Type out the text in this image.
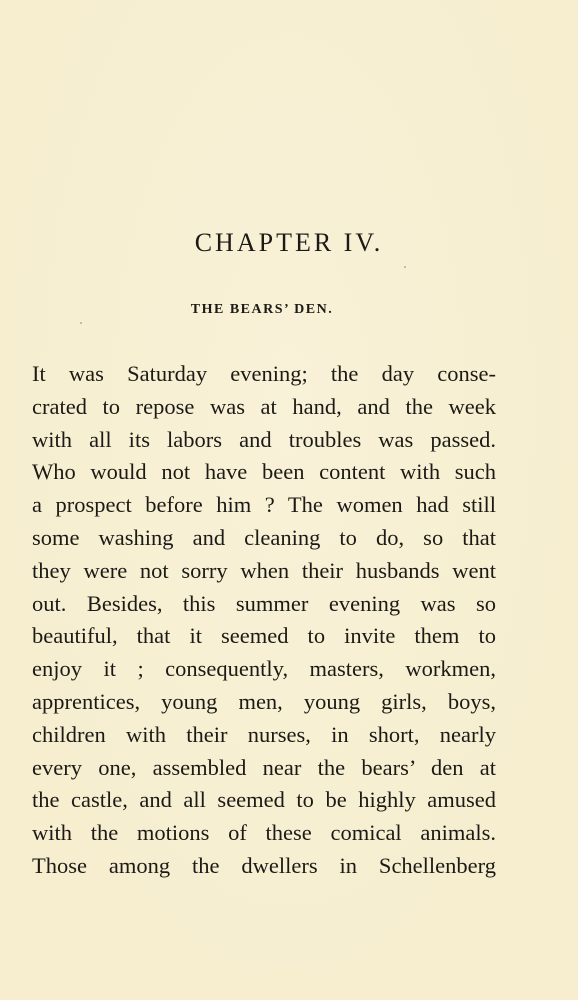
CHAPTER IV.
THE BEARS’ DEN.
It was Saturday evening; the day conse-
crated to repose was at hand, and the week
with all its labors and troubles was passed.
Who would not have been content with such
a prospect before him ? The women had still
some washing and cleaning to do, so that
they were not sorry when their husbands went
out. Besides, this summer evening was so
beautiful, that it seemed to invite them to
enjoy it ; consequently, masters, workmen,
apprentices, young men, young girls, boys,
children with their nurses, in short, nearly
every one, assembled near the bears’ den at
the castle, and all seemed to be highly amused
with the motions of these comical animals.
Those among the dwellers in Schellenberg
